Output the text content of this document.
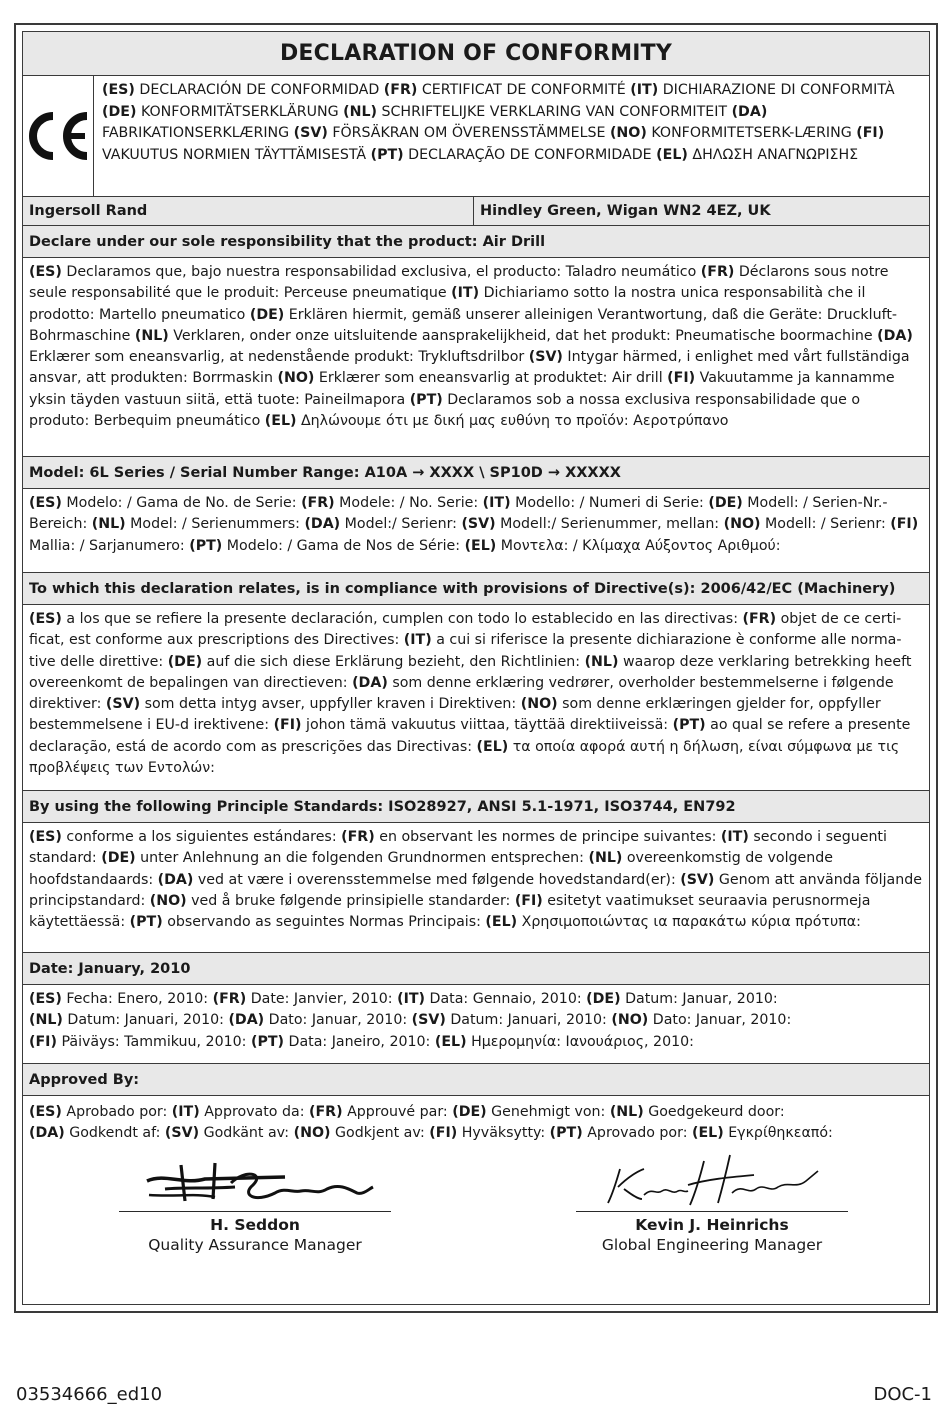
DECLARATION OF CONFORMITY
(ES) DECLARACIÓN DE CONFORMIDAD (FR) CERTIFICAT DE CONFORMITÉ (IT) DICHIARAZIONE DI CONFORMITÀ (DE) KONFORMITÄTSERKLÄRUNG (NL) SCHRIFTELIJKE VERKLARING VAN CONFORMITEIT (DA) FABRIKATIONSERKLÆRING (SV) FÖRSÄKRAN OM ÖVERENSSTÄMMELSE (NO) KONFORMITETSERK-LÆRING (FI) VAKUUTUS NORMIEN TÄYTTÄMISESTÄ (PT) DECLARAÇÃO DE CONFORMIDADE (EL) ΔΗΛΩΣΗ ΑΝΑΓΝΩΡΙΣΗΣ
Ingersoll Rand	Hindley Green, Wigan WN2 4EZ, UK
Declare under our sole responsibility that the product: Air Drill
(ES) Declaramos que, bajo nuestra responsabilidad exclusiva, el producto: Taladro neumático (FR) Déclarons sous notre seule responsabilité que le produit: Perceuse pneumatique (IT) Dichiariamo sotto la nostra unica responsabilità che il prodotto: Martello pneumatico (DE) Erklären hiermit, gemäß unserer alleinigen Verantwortung, daß die Geräte: Druckluft-Bohrmaschine (NL) Verklaren, onder onze uitsluitende aansprakelijkheid, dat het produkt: Pneumatische boormachine (DA) Erklærer som eneansvarlig, at nedenstående produkt: Trykluftsdrilbor (SV) Intygar härmed, i enlighet med vårt fullständiga ansvar, att produkten: Borrmaskin (NO) Erklærer som eneansvarlig at produktet: Air drill (FI) Vakuutamme ja kannamme yksin täyden vastuun siitä, että tuote: Paineilmapora (PT) Declaramos sob a nossa exclusiva responsabilidade que o produto: Berbequim pneumático (EL) Δηλώνουμε ότι με δική μας ευθύνη το προϊόν: Αεροτρύπανο
Model: 6L Series / Serial Number Range: A10A → XXXX \ SP10D → XXXXX
(ES) Modelo: / Gama de No. de Serie: (FR) Modele: / No. Serie: (IT) Modello: / Numeri di Serie: (DE) Modell: / Serien-Nr.-Bereich: (NL) Model: / Serienummers: (DA) Model:/ Serienr: (SV) Modell:/ Serienummer, mellan: (NO) Modell: / Serienr: (FI) Mallia: / Sarjanumero: (PT) Modelo: / Gama de Nos de Série: (EL) Μοντελα: / Κλίμαχα Αύξοντος Αριθμού:
To which this declaration relates, is in compliance with provisions of Directive(s): 2006/42/EC (Machinery)
(ES) a los que se refiere la presente declaración, cumplen con todo lo establecido en las directivas: (FR) objet de ce certi-ficat, est conforme aux prescriptions des Directives: (IT) a cui si riferisce la presente dichiarazione è conforme alle norma-tive delle direttive: (DE) auf die sich diese Erklärung bezieht, den Richtlinien: (NL) waarop deze verklaring betrekking heeft overeenkomt de bepalingen van directieven: (DA) som denne erklæring vedrører, overholder bestemmelserne i følgende direktiver: (SV) som detta intyg avser, uppfyller kraven i Direktiven: (NO) som denne erklæringen gjelder for, oppfyller bestemmelsene i EU-d irektivene: (FI) johon tämä vakuutus viittaa, täyttää direktiiveissä: (PT) ao qual se refere a presente declaração, está de acordo com as prescrições das Directivas: (EL) τα οποία αφορά αυτή η δήλωση, είναι σύμφωνα με τις προβλέψεις των Εντολών:
By using the following Principle Standards: ISO28927, ANSI 5.1-1971, ISO3744, EN792
(ES) conforme a los siguientes estándares: (FR) en observant les normes de principe suivantes: (IT) secondo i seguenti standard: (DE) unter Anlehnung an die folgenden Grundnormen entsprechen: (NL) overeenkomstig de volgende hoofdstandaards: (DA) ved at være i overensstemmelse med følgende hovedstandard(er): (SV) Genom att använda följande principstandard: (NO) ved å bruke følgende prinsipielle standarder: (FI) esitetyt vaatimukset seuraavia perusnormeja käytettäessä: (PT) observando as seguintes Normas Principais: (EL) Χρησιμοποιώντας ια παρακάτω κύρια πρότυπα:
Date: January, 2010
(ES) Fecha: Enero, 2010: (FR) Date: Janvier, 2010: (IT) Data: Gennaio, 2010: (DE) Datum: Januar, 2010:
(NL) Datum: Januari, 2010: (DA) Dato: Januar, 2010: (SV) Datum: Januari, 2010: (NO) Dato: Januar, 2010:
(FI) Päiväys: Tammikuu, 2010: (PT) Data: Janeiro, 2010: (EL) Ημερομηνία: Ιανουάριος, 2010:
Approved By:
(ES) Aprobado por: (IT) Approvato da: (FR) Approuvé par: (DE) Genehmigt von: (NL) Goedgekeurd door:
(DA) Godkendt af: (SV) Godkänt av: (NO) Godkjent av: (FI) Hyväksytty: (PT) Aprovado por: (EL) Εγκρίθηκεαπό:
H. Seddon
Quality Assurance Manager
Kevin J. Heinrichs
Global Engineering Manager
03534666_ed10	DOC-1
